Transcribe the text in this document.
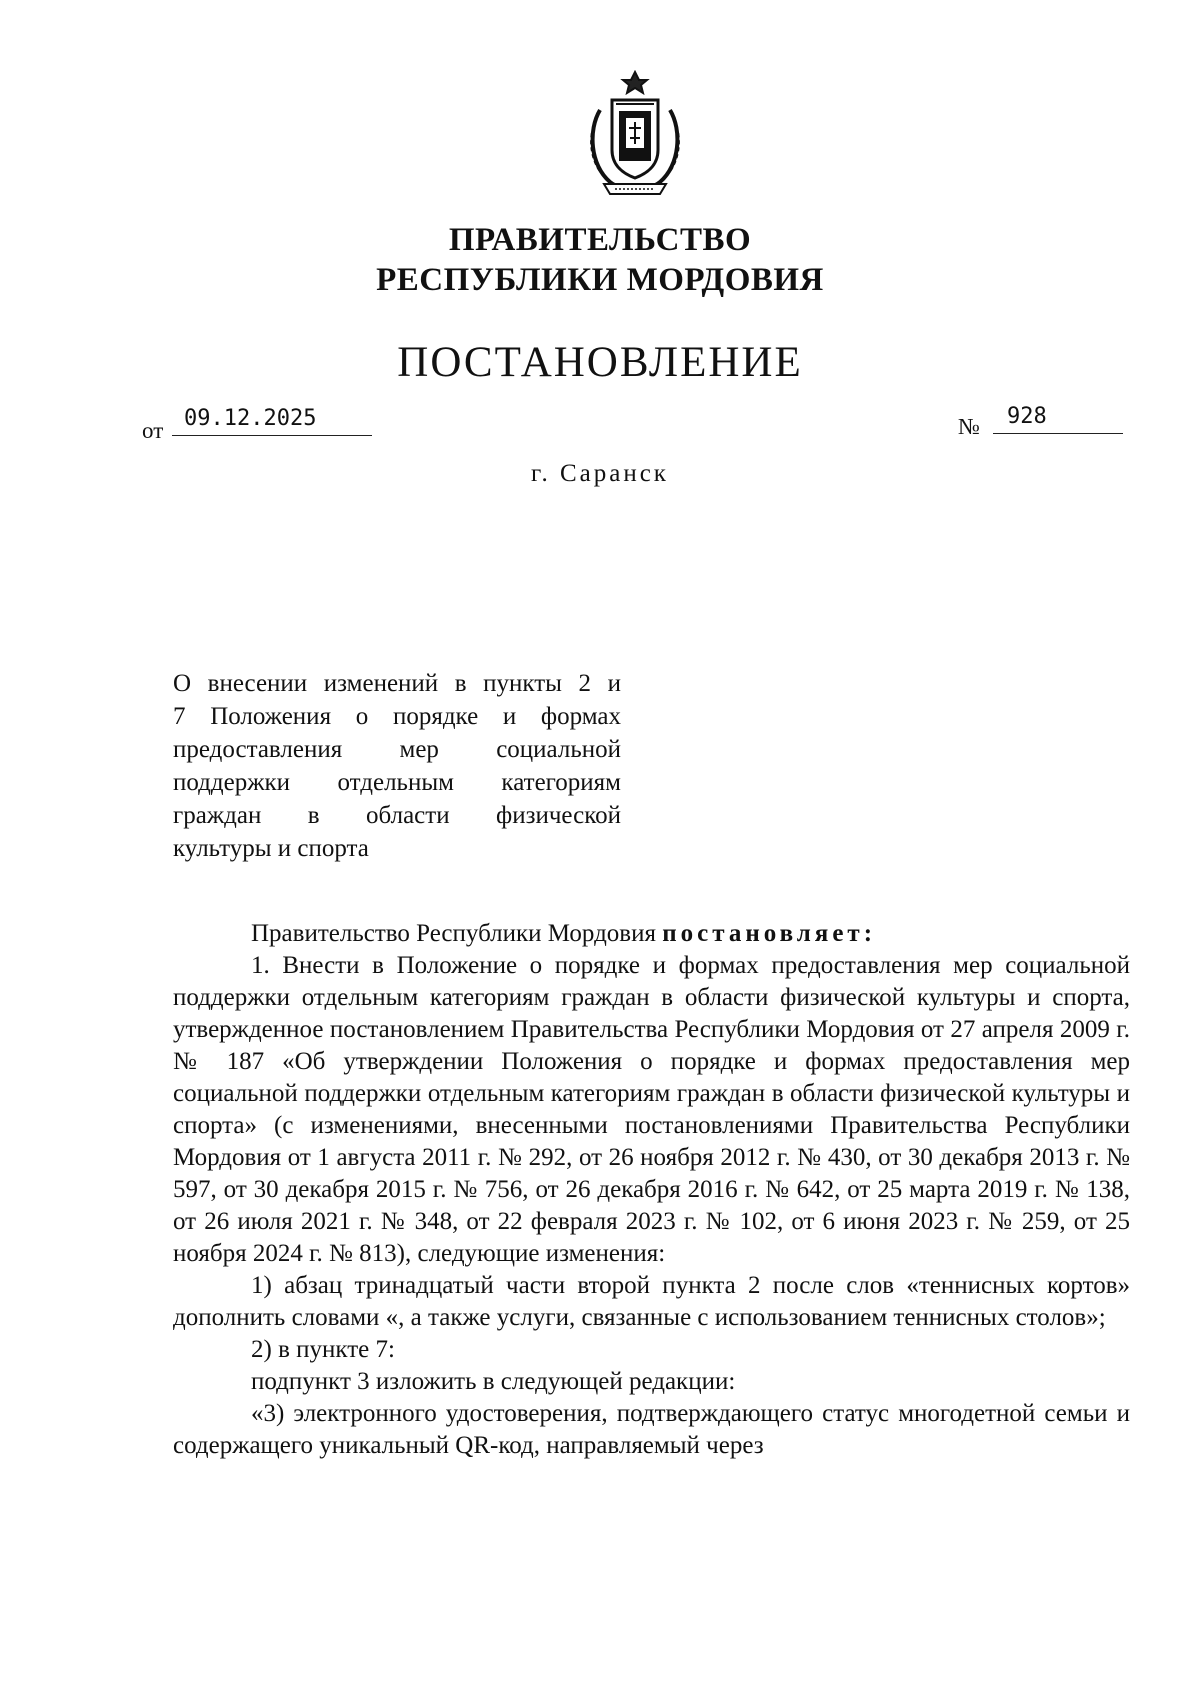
ПРАВИТЕЛЬСТВО
РЕСПУБЛИКИ МОРДОВИЯ
ПОСТАНОВЛЕНИЕ
от 09.12.2025	№	928
г. Саранск
О внесении изменений в пункты 2 и
7 Положения о порядке и формах
предоставления мер социальной
поддержки отдельным категориям
граждан в области физической
культуры и спорта

Правительство Республики Мордовия постановляет:

1. Внести в Положение о порядке и формах предоставления мер социальной поддержки отдельным категориям граждан в области физической культуры и спорта, утвержденное постановлением Правительства Республики Мордовия от 27 апреля 2009 г. № 187 «Об утверждении Положения о порядке и формах предоставления мер социальной поддержки отдельным категориям граждан в области физической культуры и спорта» (с изменениями, внесенными постановлениями Правительства Республики Мордовия от 1 августа 2011 г. № 292, от 26 ноября 2012 г. № 430, от 30 декабря 2013 г. № 597, от 30 декабря 2015 г. № 756, от 26 декабря 2016 г. № 642, от 25 марта 2019 г. № 138, от 26 июля 2021 г. № 348, от 22 февраля 2023 г. № 102, от 6 июня 2023 г. № 259, от 25 ноября 2024 г. № 813), следующие изменения:

1) абзац тринадцатый части второй пункта 2 после слов «теннисных кортов» дополнить словами «, а также услуги, связанные с использованием теннисных столов»;

2) в пункте 7:

подпункт 3 изложить в следующей редакции:

«3) электронного удостоверения, подтверждающего статус многодетной семьи и содержащего уникальный QR-код, направляемый через
